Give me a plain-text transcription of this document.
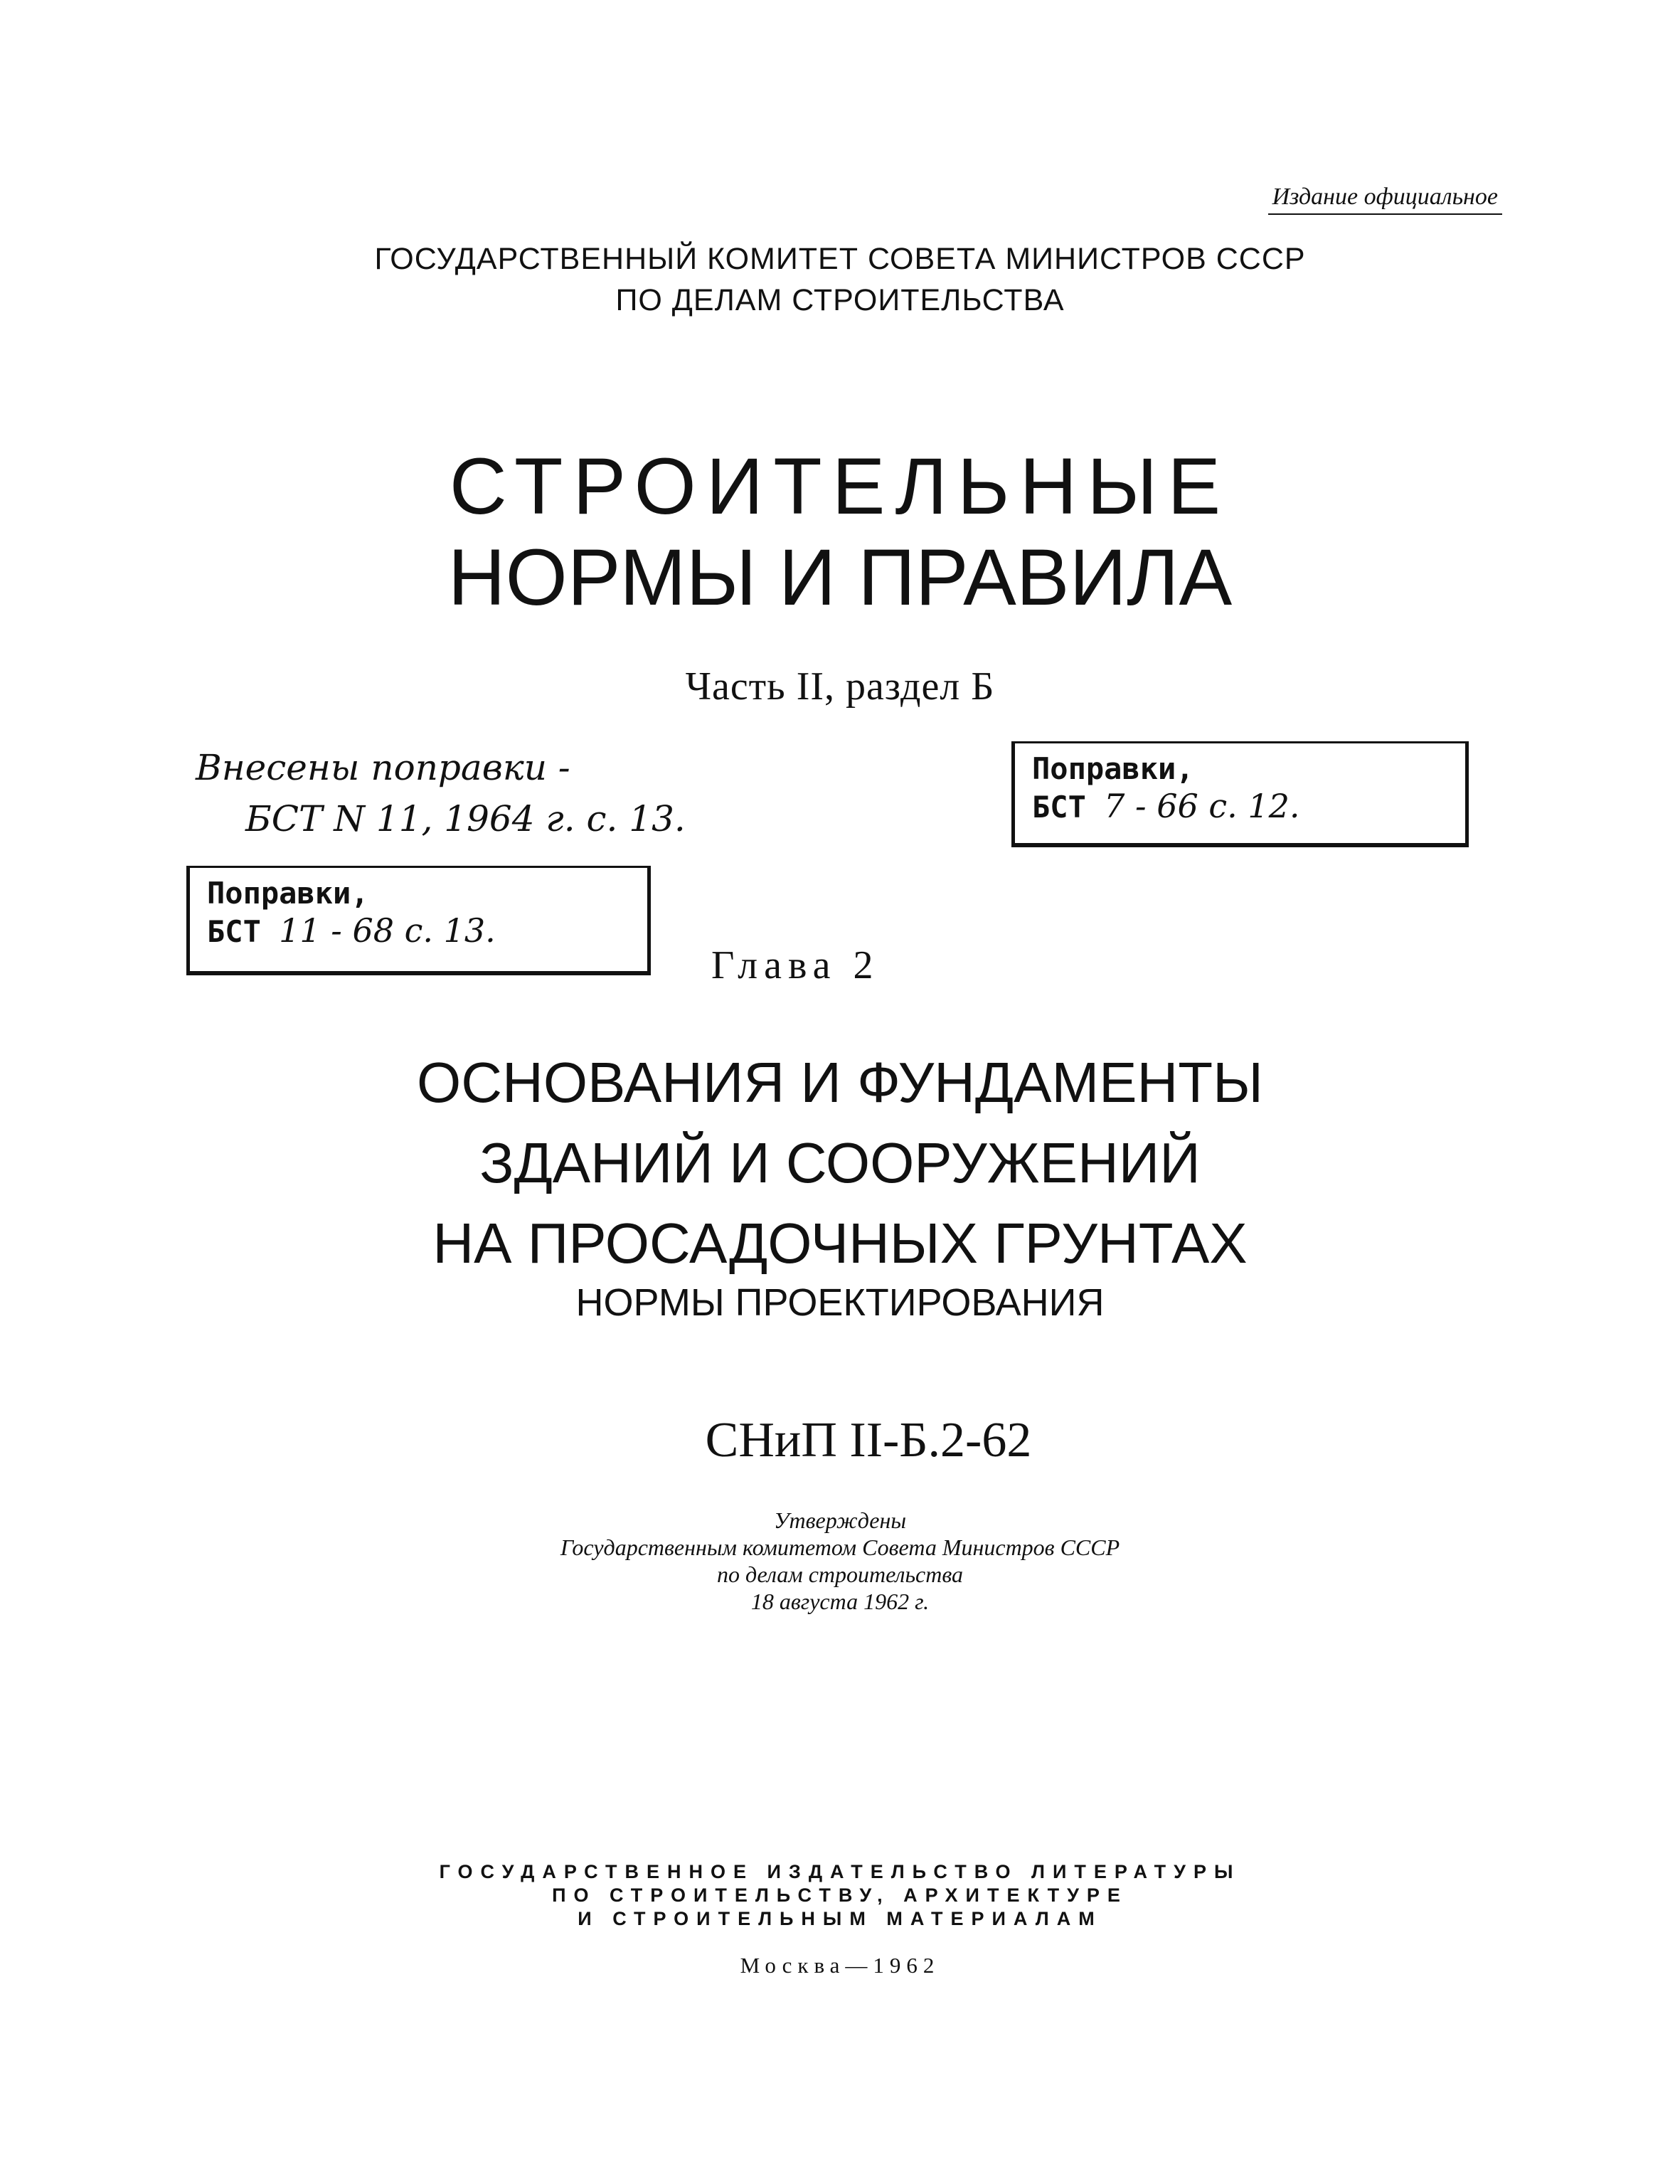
Издание официальное
ГОСУДАРСТВЕННЫЙ КОМИТЕТ СОВЕТА МИНИСТРОВ СССР
ПО ДЕЛАМ СТРОИТЕЛЬСТВА
СТРОИТЕЛЬНЫЕ
НОРМЫ И ПРАВИЛА
Часть II, раздел Б
Внесены поправки -
БСТ N 11, 1964 г. с. 13.
Поправки,
БСТ 7 - 66 с. 12.
Поправки,
БСТ 11 - 68 с. 13.
Глава 2
ОСНОВАНИЯ И ФУНДАМЕНТЫ
ЗДАНИЙ И СООРУЖЕНИЙ
НА ПРОСАДОЧНЫХ ГРУНТАХ
НОРМЫ ПРОЕКТИРОВАНИЯ
СНиП II-Б.2-62
Утверждены
Государственным комитетом Совета Министров СССР
по делам строительства
18 августа 1962 г.
ГОСУДАРСТВЕННОЕ ИЗДАТЕЛЬСТВО ЛИТЕРАТУРЫ
ПО СТРОИТЕЛЬСТВУ, АРХИТЕКТУРЕ
И СТРОИТЕЛЬНЫМ МАТЕРИАЛАМ
Москва—1962
